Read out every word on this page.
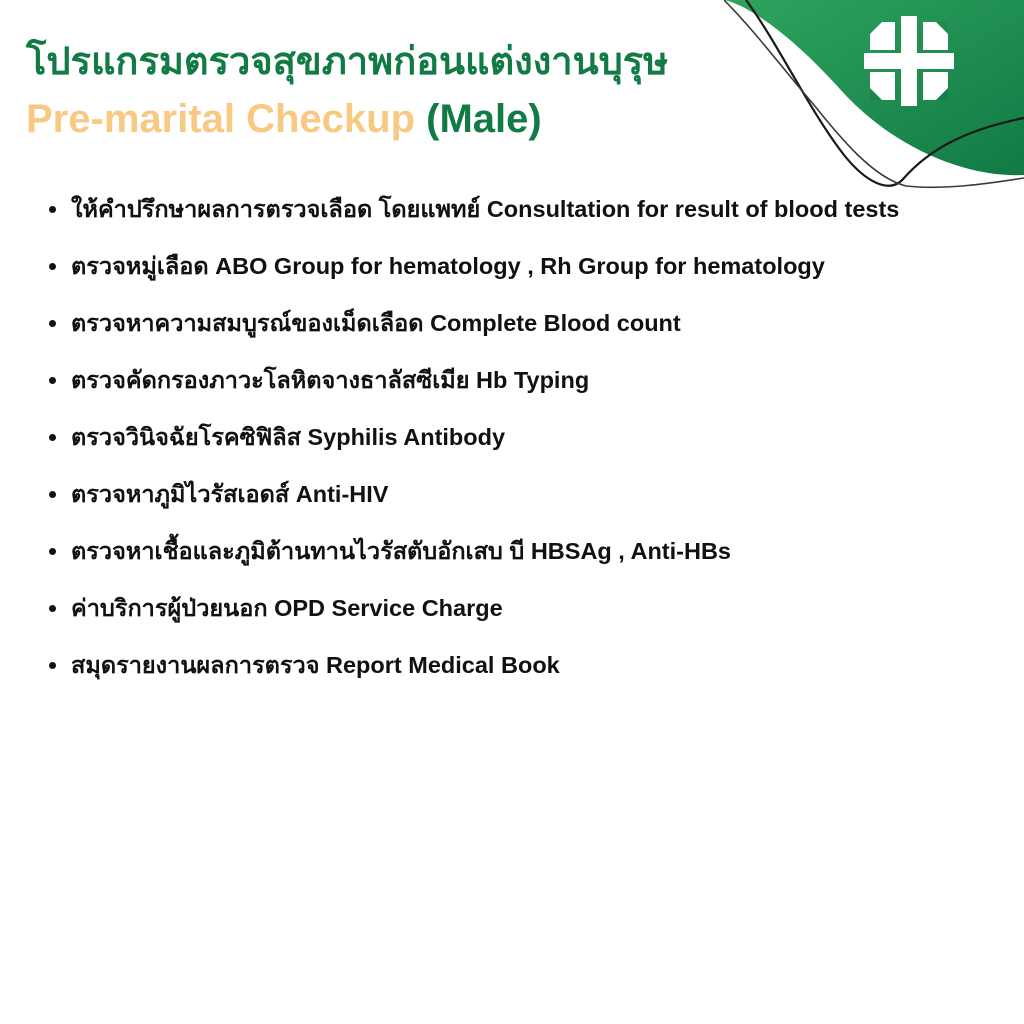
โปรแกรมตรวจสุขภาพก่อนแต่งงานบุรุษ
Pre-marital Checkup (Male)
ให้คำปรึกษาผลการตรวจเลือด โดยแพทย์ Consultation for result of blood tests
ตรวจหมู่เลือด ABO Group for hematology , Rh Group for hematology
ตรวจหาความสมบูรณ์ของเม็ดเลือด Complete Blood count
ตรวจคัดกรองภาวะโลหิตจางธาลัสซีเมีย Hb Typing
ตรวจวินิจฉัยโรคซิฟิลิส Syphilis Antibody
ตรวจหาภูมิไวรัสเอดส์ Anti-HIV
ตรวจหาเชื้อและภูมิต้านทานไวรัสตับอักเสบ บี HBSAg , Anti-HBs
ค่าบริการผู้ป่วยนอก OPD Service Charge
สมุดรายงานผลการตรวจ Report Medical Book
